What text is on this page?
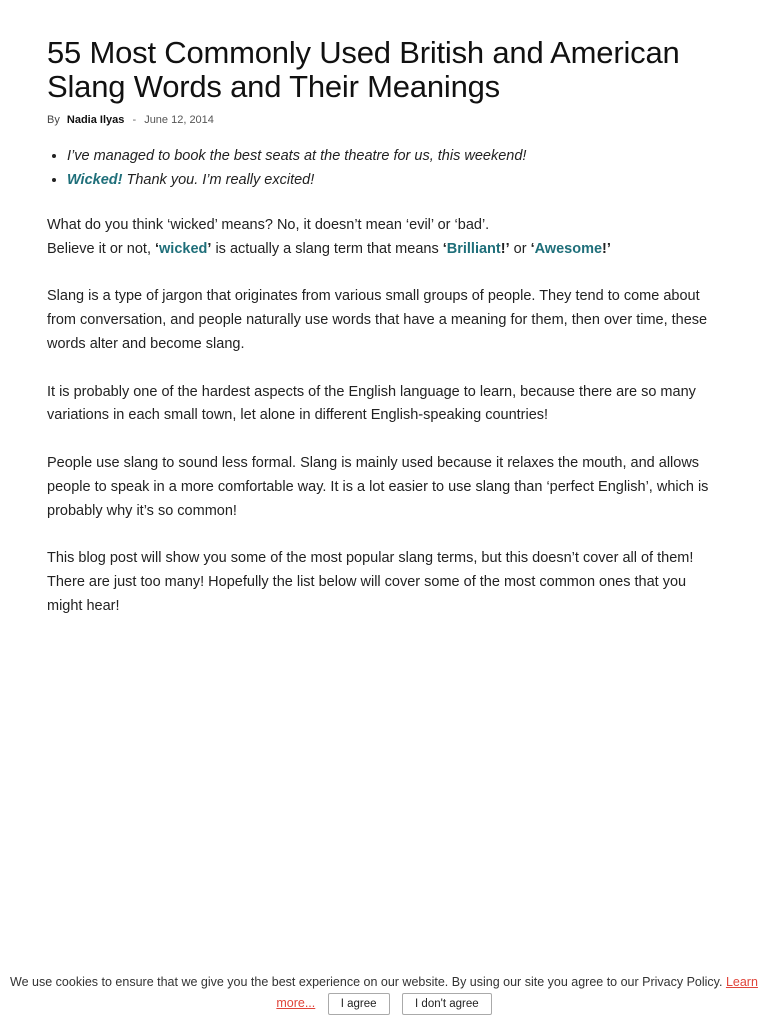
55 Most Commonly Used British and American Slang Words and Their Meanings
By Nadia Ilyas - June 12, 2014
• I’ve managed to book the best seats at the theatre for us, this weekend!
• Wicked! Thank you. I’m really excited!

What do you think ‘wicked’ means? No, it doesn’t mean ‘evil’ or ‘bad’.

Believe it or not, ‘wicked’ is actually a slang term that means ‘Brilliant!’ or ‘Awesome!’

Slang is a type of jargon that originates from various small groups of people. They tend to come about from conversation, and people naturally use words that have a meaning for them, then over time, these words alter and become slang.

It is probably one of the hardest aspects of the English language to learn, because there are so many variations in each small town, let alone in different English-speaking countries!

People use slang to sound less formal. Slang is mainly used because it relaxes the mouth, and allows people to speak in a more comfortable way. It is a lot easier to use slang than ‘perfect English’, which is probably why it’s so common!

This blog post will show you some of the most popular slang terms, but this doesn’t cover all of them! There are just too many! Hopefully the list below will cover some of the most common ones that you might hear!

We use cookies to ensure that we give you the best experience on our website. By using our site you agree to our Privacy Policy. Learn more... I agree	I don't agree
